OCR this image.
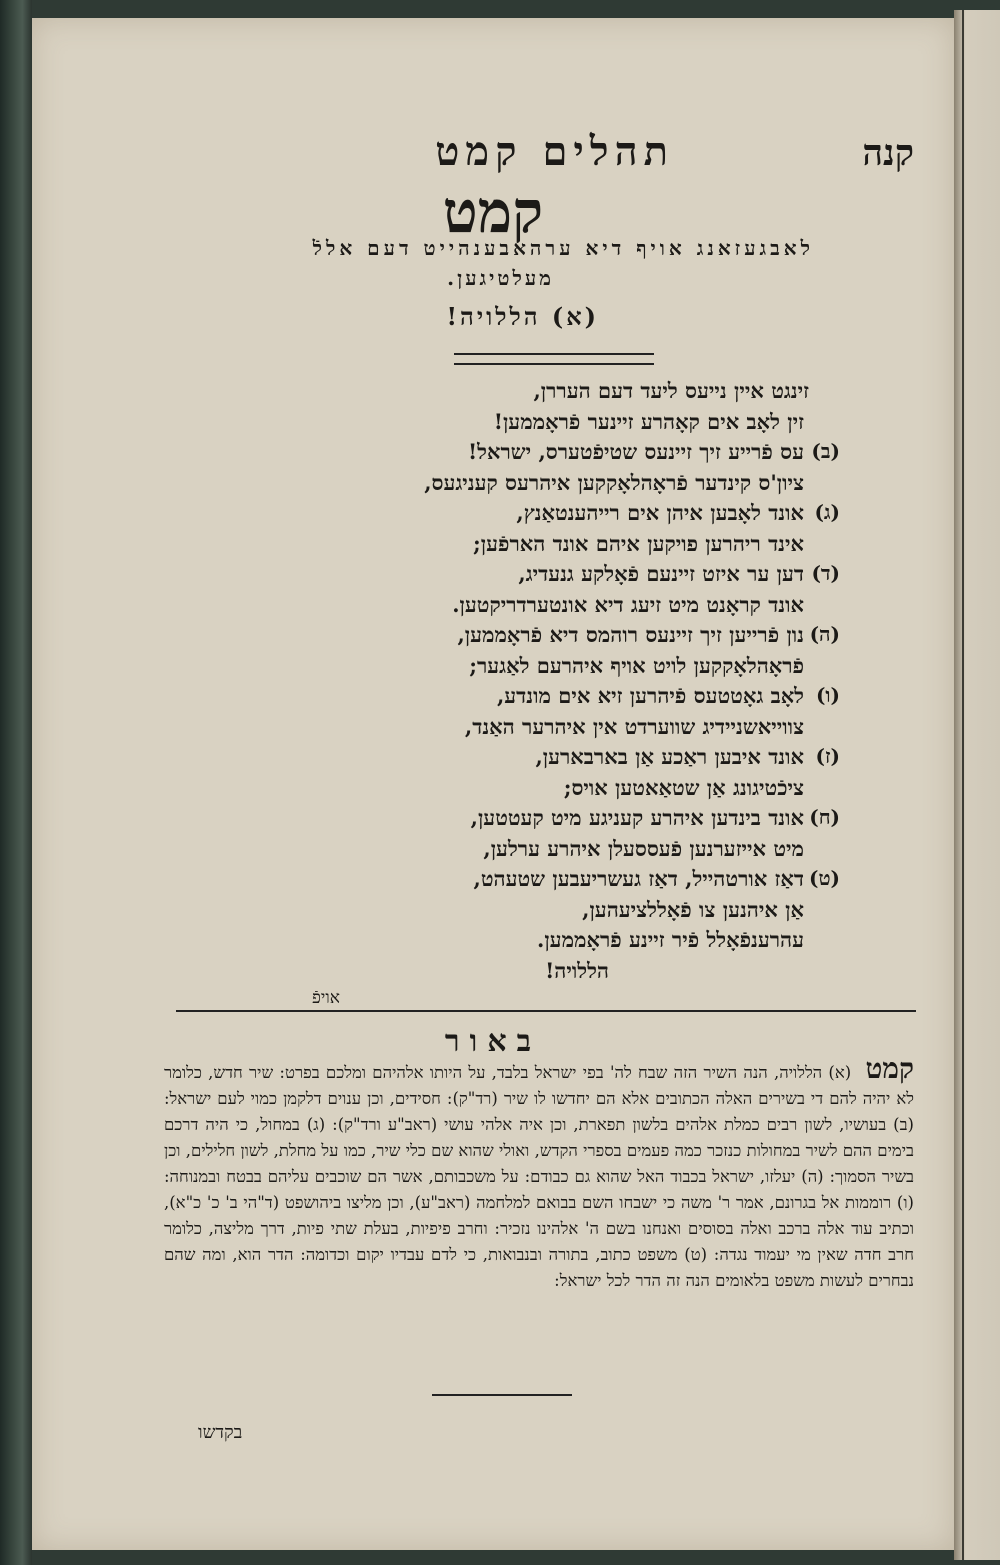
קנה
תהלים קמט
קמט
לאבגעזאנג אויף דיא ערהאבענהייט דעם אללֿ
מעלטיגען.
(א) הללויה!
זינגט איין נייעס ליעד דעם העררן,
זין לאָב אים קאָהרע זיינער פֿראָממען!
עס פֿרייע זיך זיינעס שטיפֿטערס, ישראל! (ב)
ציון'ס קינדער פֿראָהלאָקקען איהרעס קעניגעס,
אונד לאָבען איהן אים רייהענטאַנץ, (ג)
אינד ריהרען פויקען איהם אונד הארפֿען;
דען ער איזט זיינעם פֿאָלקע גנעדיג, (ד)
אונד קראָנט מיט זיעג דיא אונטערדריקטען.
נון פֿרייען זיך זיינעס רוהמס דיא פֿראָממען, (ה)
פֿראָהלאָקקען לויט אויף איהרעם לאַגער;
לאָב גאָטטעס פֿיהרען זיא אים מונדע, (ו)
צווייאשניידיג שווערדט אין איהרער האַנד,
אונד איבען ראַכע אַן בארבארען, (ז)
ציכֿטיגונג אַן שטאַאטען אויס;
אונד בינדען איהרע קעניגע מיט קעטטען, (ח)
מיט אייזערנען פֿעססעלן איהרע ערלען,
דאַז אורטהייל, דאַז געשריעבען שטעהט, (ט)
אַן איהנען צו פֿאָללציעהען,
עהרענפֿאָלל פֿיר זיינע פֿראָממען.
הללויה!
אויפֿ
באור
קמט (א) הללויה, הנה השיר הזה שבח לה' בפי ישראל בלבד, על היותו אלהיהם ומלכם בפרט: שיר חדש, כלומר לא יהיה להם די בשירים האלה הכתובים אלא הם יחדשו לו שיר (רד"ק): חסידים, וכן ענוים דלקמן כמוי לעם ישראל: (ב) בעושיו, לשון רבים כמלת אלהים בלשון תפארת, וכן איה אלהי עושי (ראב"ע ורד"ק): (ג) במחול, כי היה דרכם בימים ההם לשיר במחולות כנזכר כמה פעמים בספרי הקדש, ואולי שהוא שם כלי שיר, כמו על מחלת, לשון חלילים, וכן בשיר הסמוך: (ה) יעלזו, ישראל בכבוד האל שהוא גם כבודם: על משכבותם, אשר הם שוכבים עליהם בבטח ובמנוחה: (ו) רוממות אל בגרונם, אמר ר' משה כי ישבחו השם בבואם למלחמה (ראב"ע), וכן מליצו ביהושפט (ד"הי ב' כ' כ"א), וכתיב עוד אלה ברכב ואלה בסוסים ואנחנו בשם ה' אלהינו נזכיר: וחרב פיפיות, בעלת שתי פיות, דרך מליצה, כלומר חרב חדה שאין מי יעמוד נגדה: (ט) משפט כתוב, בתורה ובנבואות, כי לדם עבדיו יקום וכדומה: הדר הוא, ומה שהם נבחרים לעשות משפט בלאומים הנה זה הדר לכל ישראל:
בקדשו
